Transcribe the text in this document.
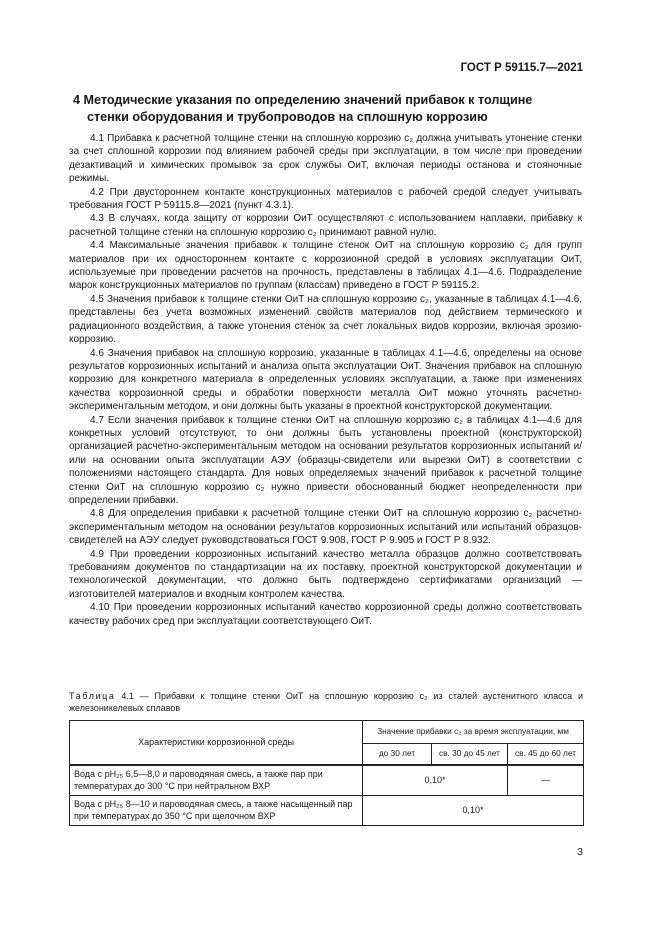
ГОСТ Р 59115.7—2021
4 Методические указания по определению значений прибавок к толщине
стенки оборудования и трубопроводов на сплошную коррозию

4.1 Прибавка к расчетной толщине стенки на сплошную коррозию c₂ должна учитывать утонение стенки за счет сплошной коррозии под влиянием рабочей среды при эксплуатации, в том числе при проведении дезактиваций и химических промывок за срок службы ОиТ, включая периоды останова и стояночные режимы.

4.2 При двустороннем контакте конструкционных материалов с рабочей средой следует учитывать требования ГОСТ Р 59115.8—2021 (пункт 4.3.1).

4.3 В случаях, когда защиту от коррозии ОиТ осуществляют с использованием наплавки, прибавку к расчетной толщине стенки на сплошную коррозию c₂ принимают равной нулю.

4.4 Максимальные значения прибавок к толщине стенок ОиТ на сплошную коррозию c₂ для групп материалов при их одностороннем контакте с коррозионной средой в условиях эксплуатации ОиТ, используемые при проведении расчетов на прочность, представлены в таблицах 4.1—4.6. Подразделение марок конструкционных материалов по группам (классам) приведено в ГОСТ Р 59115.2.

4.5 Значения прибавок к толщине стенки ОиТ на сплошную коррозию c₂, указанные в таблицах 4.1—4.6, представлены без учета возможных изменений свойств материалов под действием термического и радиационного воздействия, а также утонения стенок за счет локальных видов коррозии, включая эрозию-коррозию.

4.6 Значения прибавок на сплошную коррозию, указанные в таблицах 4.1—4.6, определены на основе результатов коррозионных испытаний и анализа опыта эксплуатации ОиТ. Значения прибавок на сплошную коррозию для конкретного материала в определенных условиях эксплуатации, а также при изменениях качества коррозионной среды и обработки поверхности металла ОиТ можно уточнять расчетно-экспериментальным методом, и они должны быть указаны в проектной конструкторской документации.

4.7 Если значения прибавок к толщине стенки ОиТ на сплошную коррозию c₂ в таблицах 4.1—4.6 для конкретных условий отсутствуют, то они должны быть установлены проектной (конструкторской) организацией расчетно-экспериментальным методом на основании результатов коррозионных испытаний и/или на основании опыта эксплуатации АЭУ (образцы-свидетели или вырезки ОиТ) в соответствии с положениями настоящего стандарта. Для новых определяемых значений прибавок к расчетной толщине стенки ОиТ на сплошную коррозию c₂ нужно привести обоснованный бюджет неопределенности при определении прибавки.

4.8 Для определения прибавки к расчетной толщине стенки ОиТ на сплошную коррозию c₂ расчетно-экспериментальным методом на основании результатов коррозионных испытаний или испытаний образцов-свидетелей на АЭУ следует руководствоваться ГОСТ 9.908, ГОСТ Р 9.905 и ГОСТ Р 8.932.

4.9 При проведении коррозионных испытаний качество металла образцов должно соответствовать требованиям документов по стандартизации на их поставку, проектной конструкторской документации и технологической документации, что должно быть подтверждено сертификатами организаций — изготовителей материалов и входным контролем качества.

4.10 При проведении коррозионных испытаний качество коррозионной среды должно соответствовать качеству рабочих сред при эксплуатации соответствующего ОиТ.

Таблица 4.1 — Прибавки к толщине стенки ОиТ на сплошную коррозию c₂ из сталей аустенитного класса и железоникелевых сплавов
Характеристики коррозионной среды	Значение прибавки c₂ за время эксплуатации, мм		
	до 30 лет	св. 30 до 45 лет	св. 45 до 60 лет
Вода с pH₂₅ 6,5—8,0 и пароводяная смесь, а также пар при температурах до 300 °С при нейтральном ВХР	0,10*		—
Вода с pH₂₅ 8—10 и пароводяная смесь, а также насыщенный пар при температурах до 350 °С при щелочном ВХР	0,10*		
3
